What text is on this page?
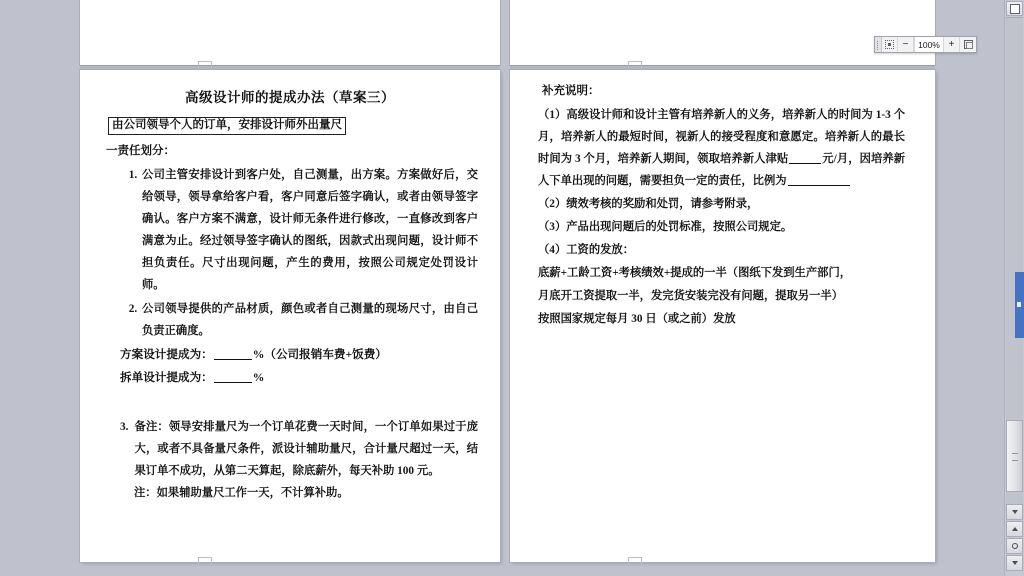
高级设计师的提成办法（草案三）
由公司领导个人的订单，安排设计师外出量尺
一责任划分：
1. 公司主管安排设计到客户处，自己测量，出方案。方案做好后，交给领导，领导拿给客户看，客户同意后签字确认，或者由领导签字确认。客户方案不满意，设计师无条件进行修改，一直修改到客户满意为止。经过领导签字确认的图纸，因款式出现问题，设计师不担负责任。尺寸出现问题，产生的费用，按照公司规定处罚设计师。
2. 公司领导提供的产品材质，颜色或者自己测量的现场尺寸，由自己负责正确度。
方案设计提成为：	%（公司报销车费+饭费）
拆单设计提成为：	%
3. 备注：领导安排量尺为一个订单花费一天时间，一个订单如果过于庞大，或者不具备量尺条件，派设计辅助量尺，合计量尺超过一天，结果订单不成功，从第二天算起，除底薪外，每天补助 100 元。
注：如果辅助量尺工作一天，不计算补助。
补充说明：
（1）高级设计师和设计主管有培养新人的义务，培养新人的时间为 1-3 个月，培养新人的最短时间，视新人的接受程度和意愿定。培养新人的最长时间为 3 个月，培养新人期间，领取培养新人津贴	元/月，因培养新人下单出现的问题，需要担负一定的责任，比例为
（2）绩效考核的奖励和处罚，请参考附录，
（3）产品出现问题后的处罚标准，按照公司规定。
（4）工资的发放：
底薪+工龄工资+考核绩效+提成的一半（图纸下发到生产部门，
月底开工资提取一半，发完货安装完没有问题，提取另一半）
按照国家规定每月 30 日（或之前）发放
−	100% +
